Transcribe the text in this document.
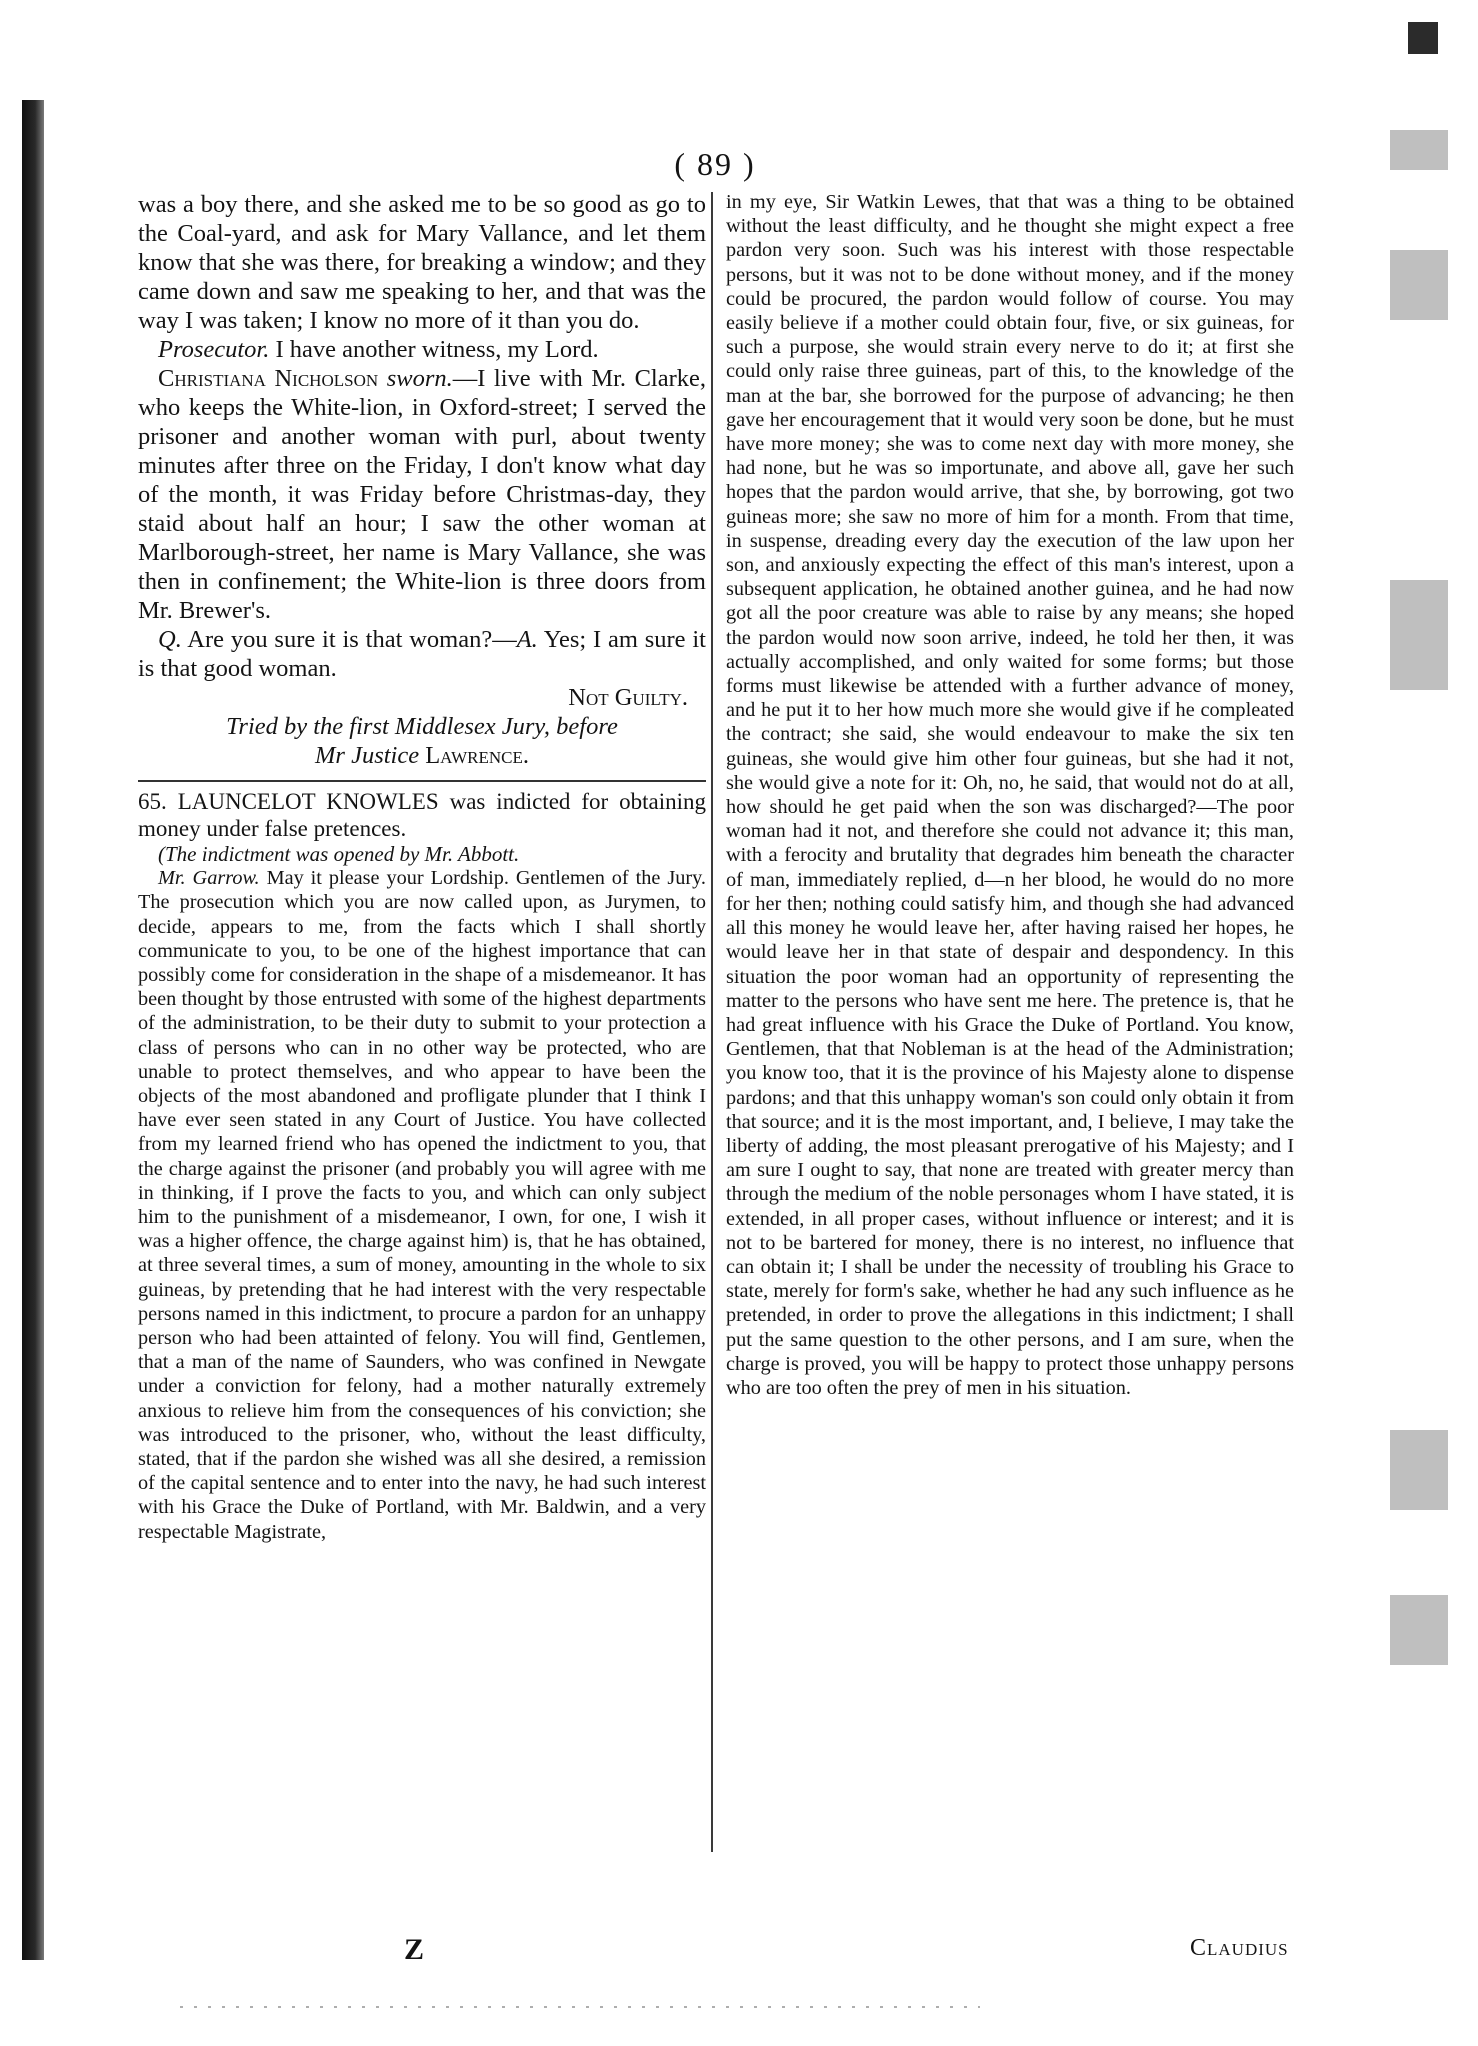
( 89 )

was a boy there, and she asked me to be so good as go to the Coal-yard, and ask for Mary Vallance, and let them know that she was there, for breaking a window; and they came down and saw me speaking to her, and that was the way I was taken; I know no more of it than you do.

Prosecutor. I have another witness, my Lord.

Christiana Nicholson sworn.—I live with Mr. Clarke, who keeps the White-lion, in Oxford-street; I served the prisoner and another woman with purl, about twenty minutes after three on the Friday, I don't know what day of the month, it was Friday before Christmas-day, they staid about half an hour; I saw the other woman at Marlborough-street, her name is Mary Vallance, she was then in confinement; the White-lion is three doors from Mr. Brewer's.

Q. Are you sure it is that woman?—A. Yes; I am sure it is that good woman.

Not Guilty.

Tried by the first Middlesex Jury, before

Mr Justice Lawrence.

65. LAUNCELOT KNOWLES was indicted for obtaining money under false pretences.

(The indictment was opened by Mr. Abbott.

Mr. Garrow. May it please your Lordship. Gentlemen of the Jury. The prosecution which you are now called upon, as Jurymen, to decide, appears to me, from the facts which I shall shortly communicate to you, to be one of the highest importance that can possibly come for consideration in the shape of a misdemeanor. It has been thought by those entrusted with some of the highest departments of the administration, to be their duty to submit to your protection a class of persons who can in no other way be protected, who are unable to protect themselves, and who appear to have been the objects of the most abandoned and profligate plunder that I think I have ever seen stated in any Court of Justice. You have collected from my learned friend who has opened the indictment to you, that the charge against the prisoner (and probably you will agree with me in thinking, if I prove the facts to you, and which can only subject him to the punishment of a misdemeanor, I own, for one, I wish it was a higher offence, the charge against him) is, that he has obtained, at three several times, a sum of money, amounting in the whole to six guineas, by pretending that he had interest with the very respectable persons named in this indictment, to procure a pardon for an unhappy person who had been attainted of felony. You will find, Gentlemen, that a man of the name of Saunders, who was confined in Newgate under a conviction for felony, had a mother naturally extremely anxious to relieve him from the consequences of his conviction; she was introduced to the prisoner, who, without the least difficulty, stated, that if the pardon she wished was all she desired, a remission of the capital sentence and to enter into the navy, he had such interest with his Grace the Duke of Portland, with Mr. Baldwin, and a very respectable Magistrate,

in my eye, Sir Watkin Lewes, that that was a thing to be obtained without the least difficulty, and he thought she might expect a free pardon very soon. Such was his interest with those respectable persons, but it was not to be done without money, and if the money could be procured, the pardon would follow of course. You may easily believe if a mother could obtain four, five, or six guineas, for such a purpose, she would strain every nerve to do it; at first she could only raise three guineas, part of this, to the knowledge of the man at the bar, she borrowed for the purpose of advancing; he then gave her encouragement that it would very soon be done, but he must have more money; she was to come next day with more money, she had none, but he was so importunate, and above all, gave her such hopes that the pardon would arrive, that she, by borrowing, got two guineas more; she saw no more of him for a month. From that time, in suspense, dreading every day the execution of the law upon her son, and anxiously expecting the effect of this man's interest, upon a subsequent application, he obtained another guinea, and he had now got all the poor creature was able to raise by any means; she hoped the pardon would now soon arrive, indeed, he told her then, it was actually accomplished, and only waited for some forms; but those forms must likewise be attended with a further advance of money, and he put it to her how much more she would give if he compleated the contract; she said, she would endeavour to make the six ten guineas, she would give him other four guineas, but she had it not, she would give a note for it: Oh, no, he said, that would not do at all, how should he get paid when the son was discharged?—The poor woman had it not, and therefore she could not advance it; this man, with a ferocity and brutality that degrades him beneath the character of man, immediately replied, d—n her blood, he would do no more for her then; nothing could satisfy him, and though she had advanced all this money he would leave her, after having raised her hopes, he would leave her in that state of despair and despondency. In this situation the poor woman had an opportunity of representing the matter to the persons who have sent me here. The pretence is, that he had great influence with his Grace the Duke of Portland. You know, Gentlemen, that that Nobleman is at the head of the Administration; you know too, that it is the province of his Majesty alone to dispense pardons; and that this unhappy woman's son could only obtain it from that source; and it is the most important, and, I believe, I may take the liberty of adding, the most pleasant prerogative of his Majesty; and I am sure I ought to say, that none are treated with greater mercy than through the medium of the noble personages whom I have stated, it is extended, in all proper cases, without influence or interest; and it is not to be bartered for money, there is no interest, no influence that can obtain it; I shall be under the necessity of troubling his Grace to state, merely for form's sake, whether he had any such influence as he pretended, in order to prove the allegations in this indictment; I shall put the same question to the other persons, and I am sure, when the charge is proved, you will be happy to protect those unhappy persons who are too often the prey of men in his situation.

Z	Claudius
